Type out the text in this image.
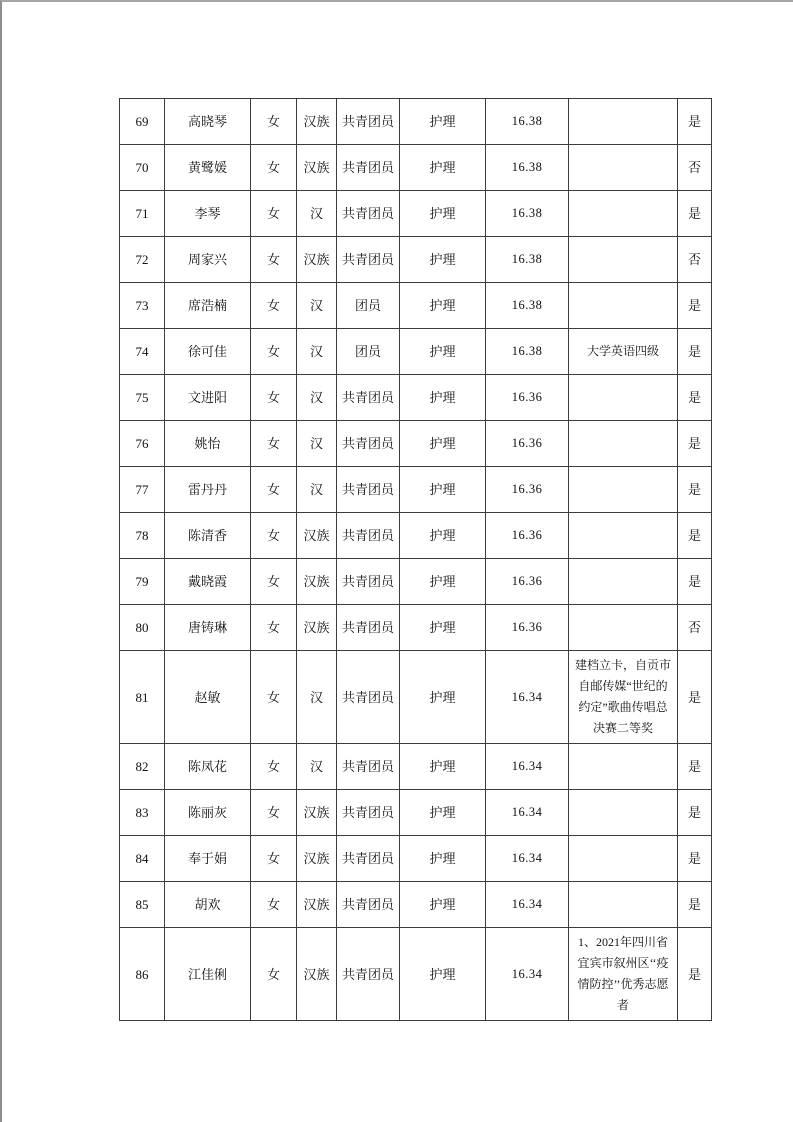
69	高晓琴	女	汉族	共青团员	护理	16.38		是
70	黄鹭媛	女	汉族	共青团员	护理	16.38		否
71	李琴	女	汉	共青团员	护理	16.38		是
72	周家兴	女	汉族	共青团员	护理	16.38		否
73	席浩楠	女	汉	团员	护理	16.38		是
74	徐可佳	女	汉	团员	护理	16.38	大学英语四级	是
75	文进阳	女	汉	共青团员	护理	16.36		是
76	姚怡	女	汉	共青团员	护理	16.36		是
77	雷丹丹	女	汉	共青团员	护理	16.36		是
78	陈清香	女	汉族	共青团员	护理	16.36		是
79	戴晓霞	女	汉族	共青团员	护理	16.36		是
80	唐铸琳	女	汉族	共青团员	护理	16.36		否
81	赵敏	女	汉	共青团员	护理	16.34	建档立卡，自贡市自邮传媒“世纪的约定”歌曲传唱总决赛二等奖	是
82	陈凤花	女	汉	共青团员	护理	16.34		是
83	陈丽灰	女	汉族	共青团员	护理	16.34		是
84	奉于娟	女	汉族	共青团员	护理	16.34		是
85	胡欢	女	汉族	共青团员	护理	16.34		是
86	江佳俐	女	汉族	共青团员	护理	16.34	1、2021年四川省宜宾市叙州区‘‘疫情防控’’优秀志愿者	是
